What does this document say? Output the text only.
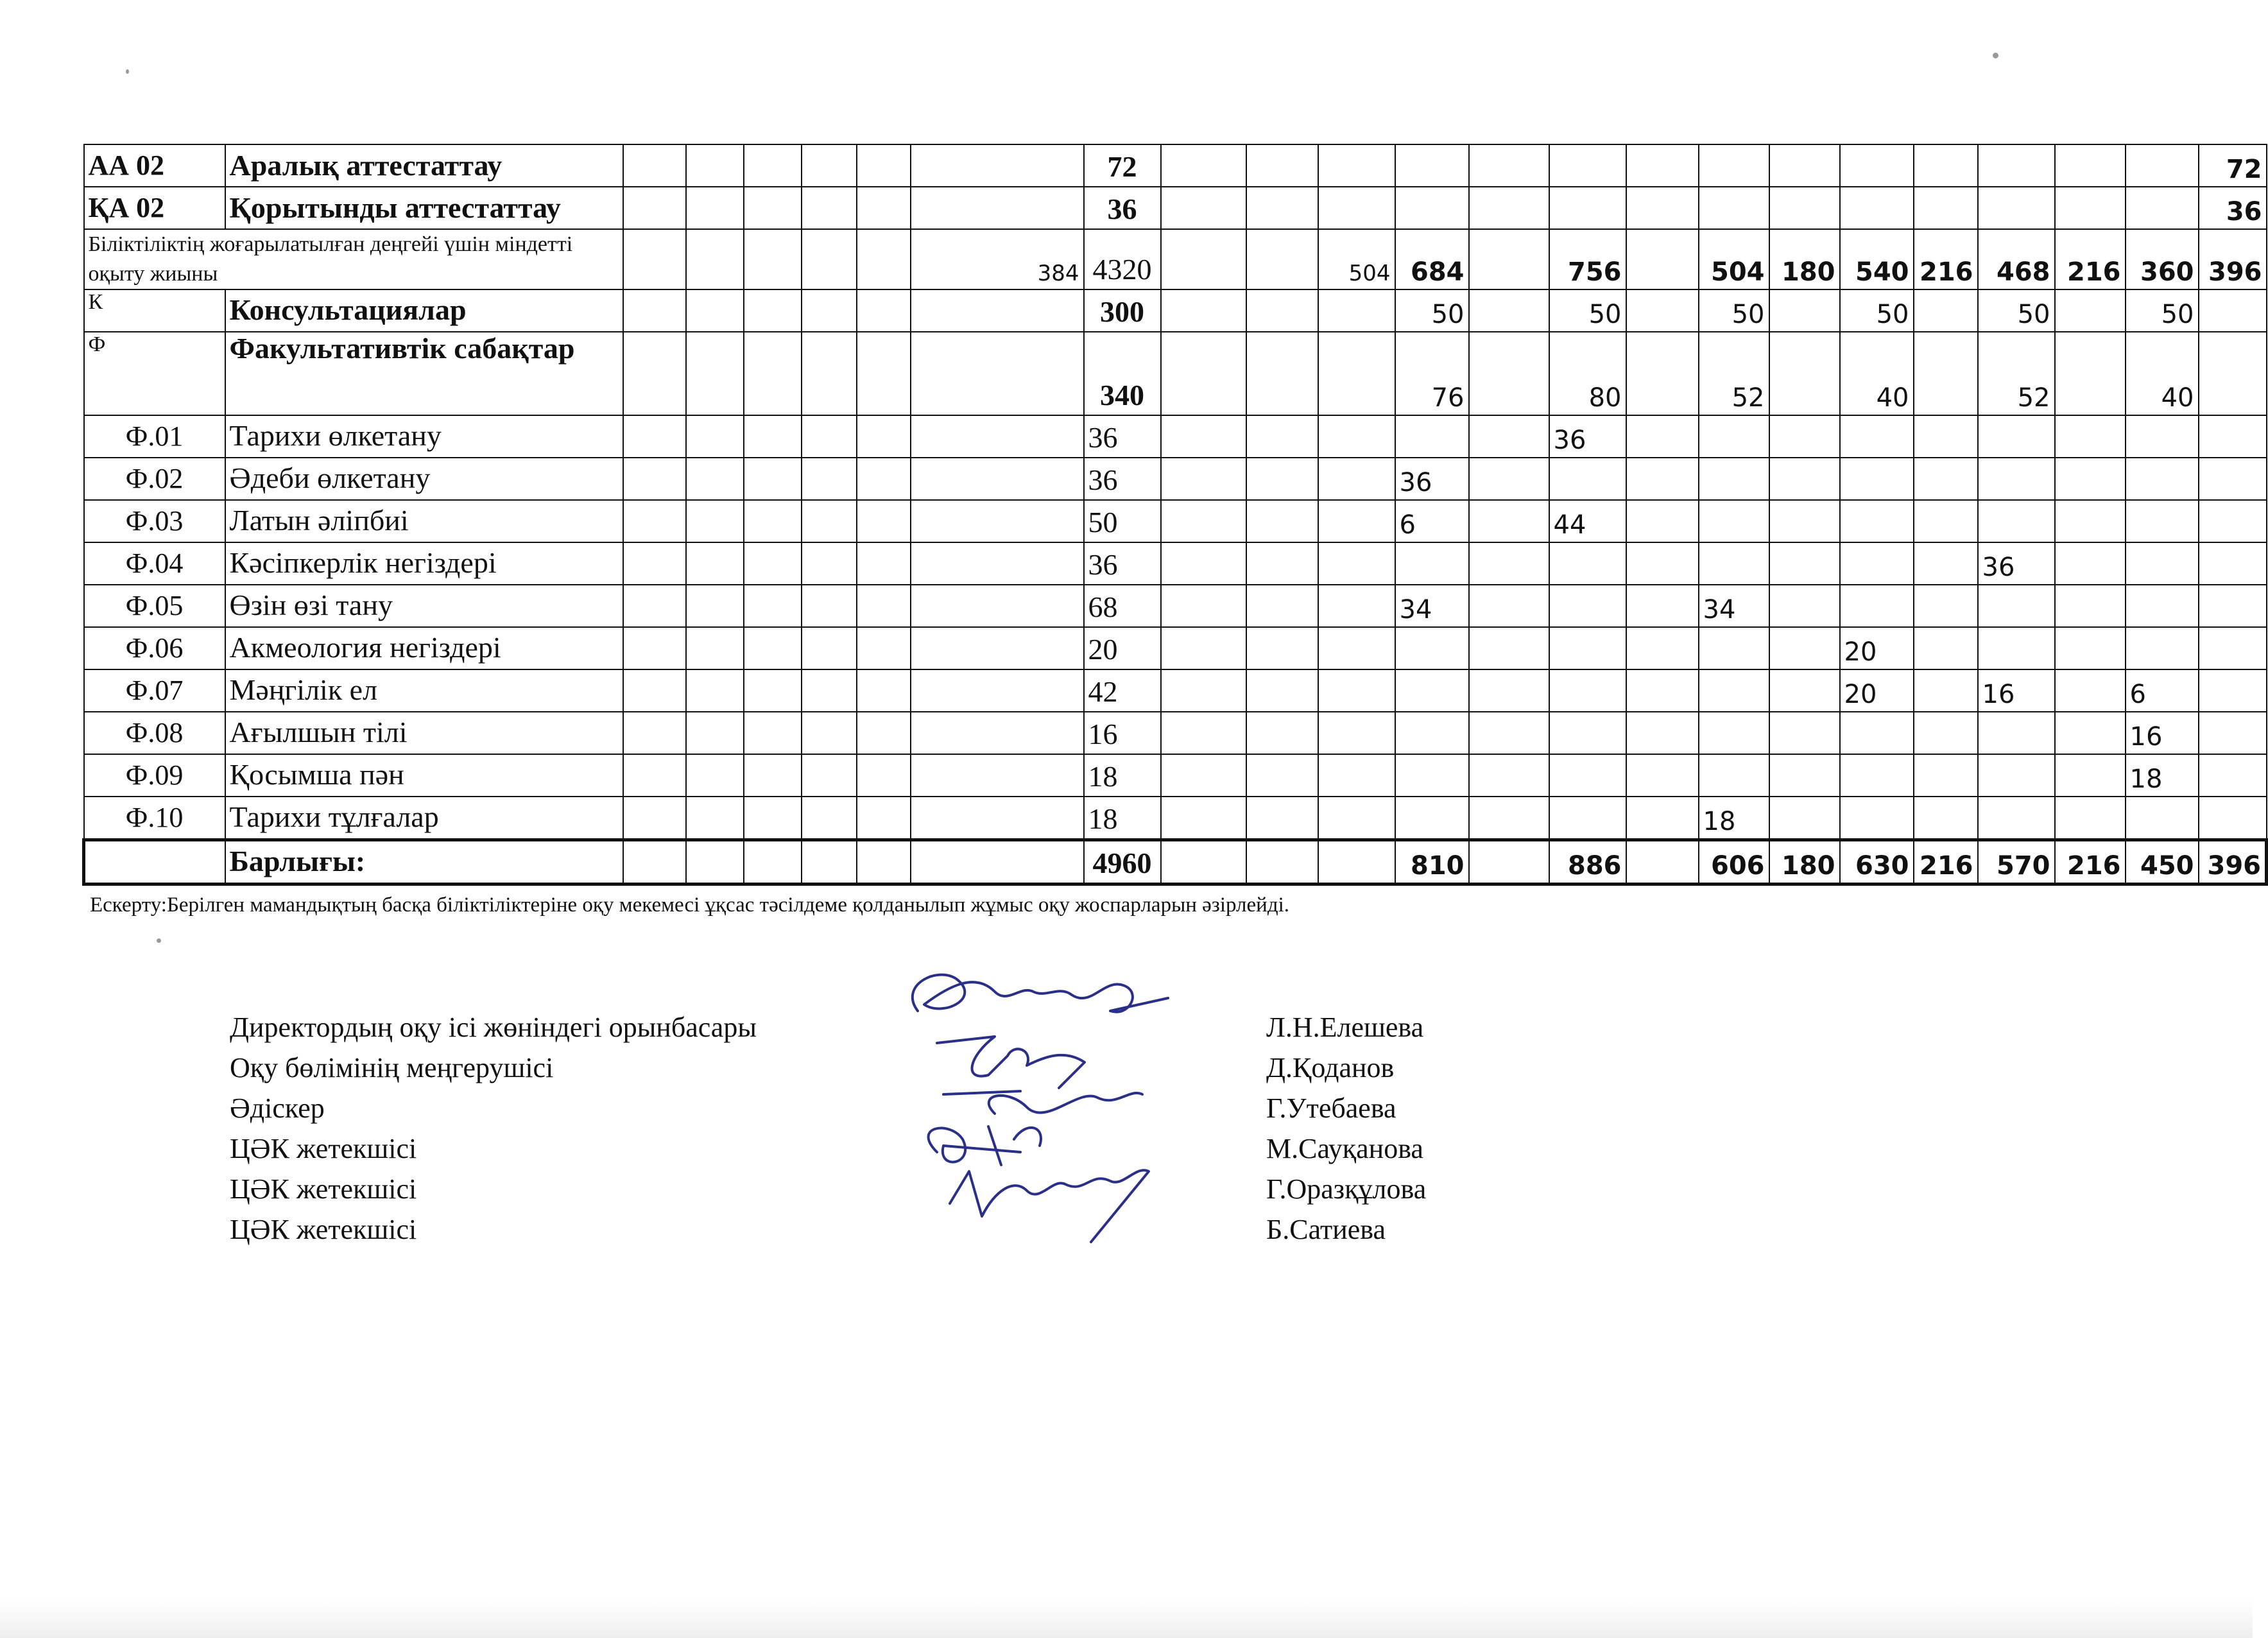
АА 02	Аралық аттестаттау							72															72
ҚА 02	Қорытынды аттестаттау							36															36
Біліктіліктің жоғарылатылған деңгейі үшін міндетті оқыту жиыны							384	4320			504	684		756		504	180	540	216	468	216	360	396
К	Консультациялар							300				50		50		50		50		50		50	
Ф	Факультативтік сабақтар							340				76		80		52		40		52		40	
Ф.01	Тарихи өлкетану							36						36									
Ф.02	Әдеби өлкетану							36				36											
Ф.03	Латын әліпбиі							50				6		44									
Ф.04	Кәсіпкерлік негіздері							36												36			
Ф.05	Өзін өзі тану							68				34				34							
Ф.06	Акмеология негіздері							20										20					
Ф.07	Мәңгілік ел							42										20		16		6	
Ф.08	Ағылшын тілі							16														16	
Ф.09	Қосымша пән							18														18	
Ф.10	Тарихи тұлғалар							18								18							
	Барлығы:							4960				810		886		606	180	630	216	570	216	450	396
Ескерту:Берілген мамандықтың басқа біліктіліктеріне оқу мекемесі ұқсас тәсілдеме қолданылып жұмыс оқу жоспарларын әзірлейді.
Директордың оқу ісі жөніндегі орынбасары	Л.Н.Елешева
Оқу бөлімінің меңгерушісі	Д.Қоданов
Әдіскер	Г.Утебаева
ЦӘК жетекшісі	М.Сауқанова
ЦӘК жетекшісі	Г.Оразқұлова
ЦӘК жетекшісі	Б.Сатиева
